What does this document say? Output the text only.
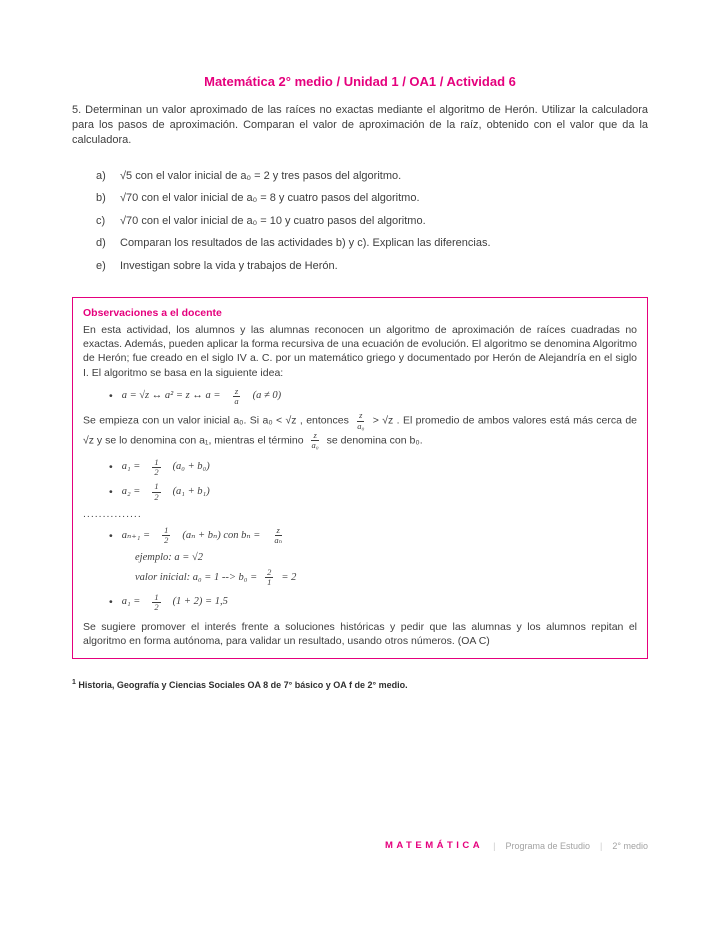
Matemática 2° medio / Unidad 1 / OA1 / Actividad 6

5. Determinan un valor aproximado de las raíces no exactas mediante el algoritmo de Herón. Utilizar la calculadora para los pasos de aproximación. Comparan el valor de aproximación de la raíz, obtenido con el valor que da la calculadora.

a)	√5 con el valor inicial de a₀ = 2 y tres pasos del algoritmo.
b)	√70 con el valor inicial de a₀ = 8 y cuatro pasos del algoritmo.
c)	√70 con el valor inicial de a₀ = 10 y cuatro pasos del algoritmo.
d)	Comparan los resultados de las actividades b) y c). Explican las diferencias.
e)	Investigan sobre la vida y trabajos de Herón.
Observaciones a el docente

En esta actividad, los alumnos y las alumnas reconocen un algoritmo de aproximación de raíces cuadradas no exactas. Además, pueden aplicar la forma recursiva de una ecuación de evolución. El algoritmo se denomina Algoritmo de Herón; fue creado en el siglo IV a. C. por un matemático griego y documentado por Herón de Alejandría en el siglo I. El algoritmo se basa en la siguiente idea:

• a = √z ↔ a² = z ↔ $a = \frac{z}{a} (a \ne 0)$

Se empieza con un valor inicial a₀. Si a₀ < √z , entonces $\frac{z}{\text{a₀}} > √z$ . El promedio de ambos valores está más cerca de √z y se lo denomina con a₁, mientras el término $\frac{z}{\text{a₀}}$ se denomina con b₀.

• $a_1 = \frac{1}{2} (a_0 + b_0)$
• $a_2 = \frac{1}{2} (a_1 + b_1)$
...............
• $a_{n+1} = \frac{1}{2} (a_n + b_n)$ con $b_n = \frac{z}{\text{aₙ}}$
ejemplo: a = √2
valor inicial: a₀ = 1 --> $b_0 = \frac{2}{1} = 2$
• $a_1 = \frac{1}{2} (1 + 2) = 1,5$

Se sugiere promover el interés frente a soluciones históricas y pedir que las alumnas y los alumnos repitan el algoritmo en forma autónoma, para validar un resultado, usando otros números. (OA C)

$^1$ Historia, Geografía y Ciencias Sociales OA 8 de 7° básico y OA f de 2° medio.

MATEMÁTICA | Programa de Estudio | 2° medio
